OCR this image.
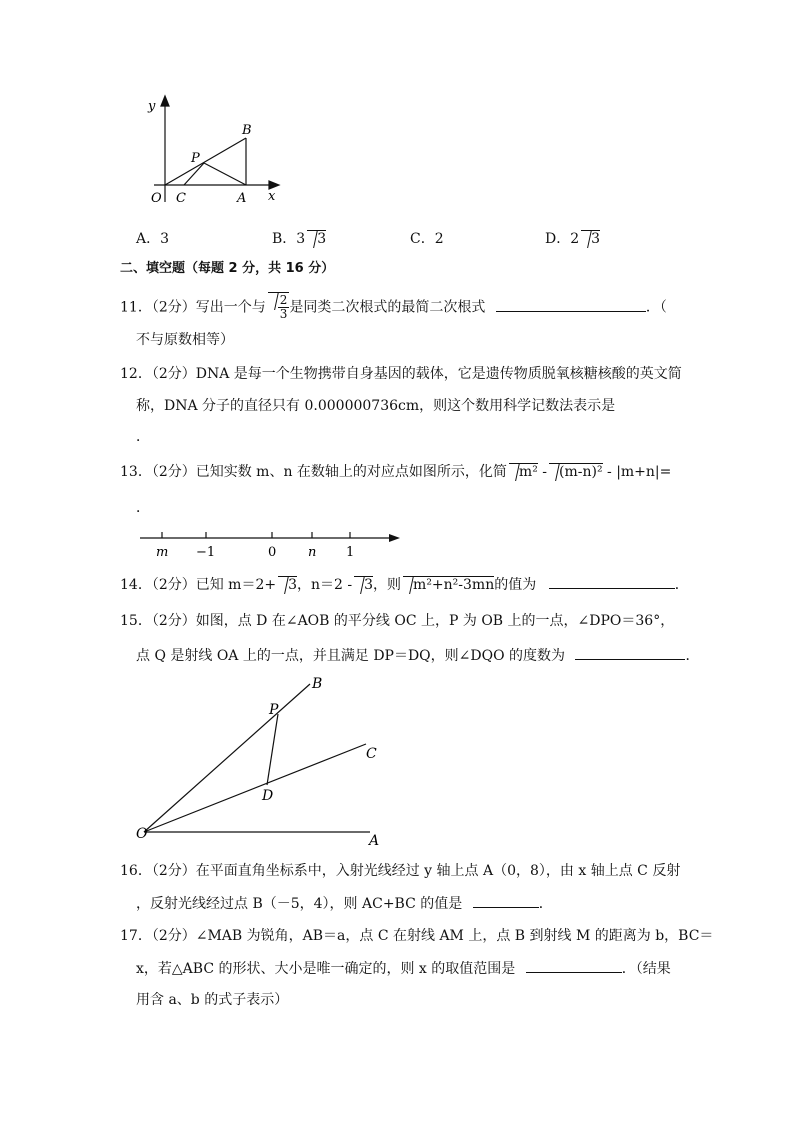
y
x
O C	A
P
B
A．3	B．3 3	C．2	D．2 3
二、填空题（每题 2 分，共 16 分）
11．（2分）写出一个与 $\frac{2}{3}$ 是同类二次根式的最简二次根式	．（
不与原数相等）
12．（2分）DNA 是每一个生物携带自身基因的载体，它是遗传物质脱氧核糖核酸的英文简
称，DNA 分子的直径只有 0.000000736cm，则这个数用科学记数法表示是
．
13．（2分）已知实数 m、n 在数轴上的对应点如图所示，化简 m² - (m-n)² - |m+n|=
．
m −1	0 n 1
14．（2分）已知 m＝2+ 3，n＝2 - 3，则 m²+n²-3mn的值为	．
15．（2分）如图，点 D 在∠AOB 的平分线 OC 上，P 为 OB 上的一点，∠DPO＝36°，
点 Q 是射线 OA 上的一点，并且满足 DP＝DQ，则∠DQO 的度数为	．
B
P
C
D
O	A
16．（2分）在平面直角坐标系中，入射光线经过 y 轴上点 A（0，8），由 x 轴上点 C 反射
，反射光线经过点 B（－5，4），则 AC+BC 的值是	．
17．（2分）∠MAB 为锐角，AB＝a，点 C 在射线 AM 上，点 B 到射线 M 的距离为 b，BC＝
x，若△ABC 的形状、大小是唯一确定的，则 x 的取值范围是	．（结果
用含 a、b 的式子表示）
